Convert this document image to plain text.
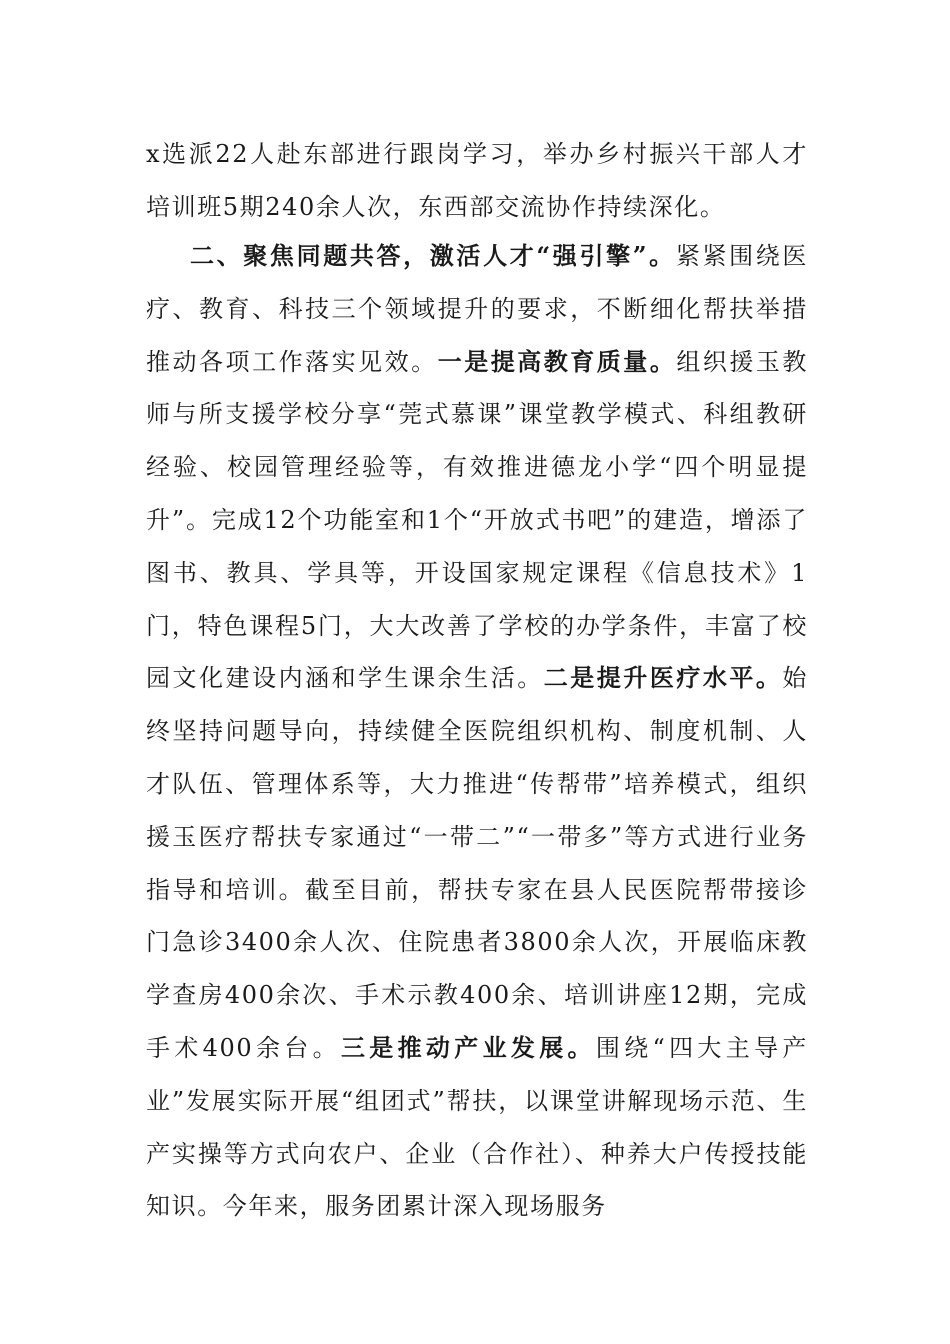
x选派22人赴东部进行跟岗学习，举办乡村振兴干部人才培训班5期240余人次，东西部交流协作持续深化。

二、聚焦同题共答，激活人才“强引擎”。紧紧围绕医疗、教育、科技三个领域提升的要求，不断细化帮扶举措推动各项工作落实见效。一是提高教育质量。组织援玉教师与所支援学校分享“莞式慕课”课堂教学模式、科组教研经验、校园管理经验等，有效推进德龙小学“四个明显提升”。完成12个功能室和1个“开放式书吧”的建造，增添了图书、教具、学具等，开设国家规定课程《信息技术》1门，特色课程5门，大大改善了学校的办学条件，丰富了校园文化建设内涵和学生课余生活。二是提升医疗水平。始终坚持问题导向，持续健全医院组织机构、制度机制、人才队伍、管理体系等，大力推进“传帮带”培养模式，组织援玉医疗帮扶专家通过“一带二”“一带多”等方式进行业务指导和培训。截至目前，帮扶专家在县人民医院帮带接诊门急诊3400余人次、住院患者3800余人次，开展临床教学查房400余次、手术示教400余、培训讲座12期，完成手术400余台。三是推动产业发展。围绕“四大主导产业”发展实际开展“组团式”帮扶，以课堂讲解现场示范、生产实操等方式向农户、企业（合作社）、种养大户传授技能知识。今年来，服务团累计深入现场服务
